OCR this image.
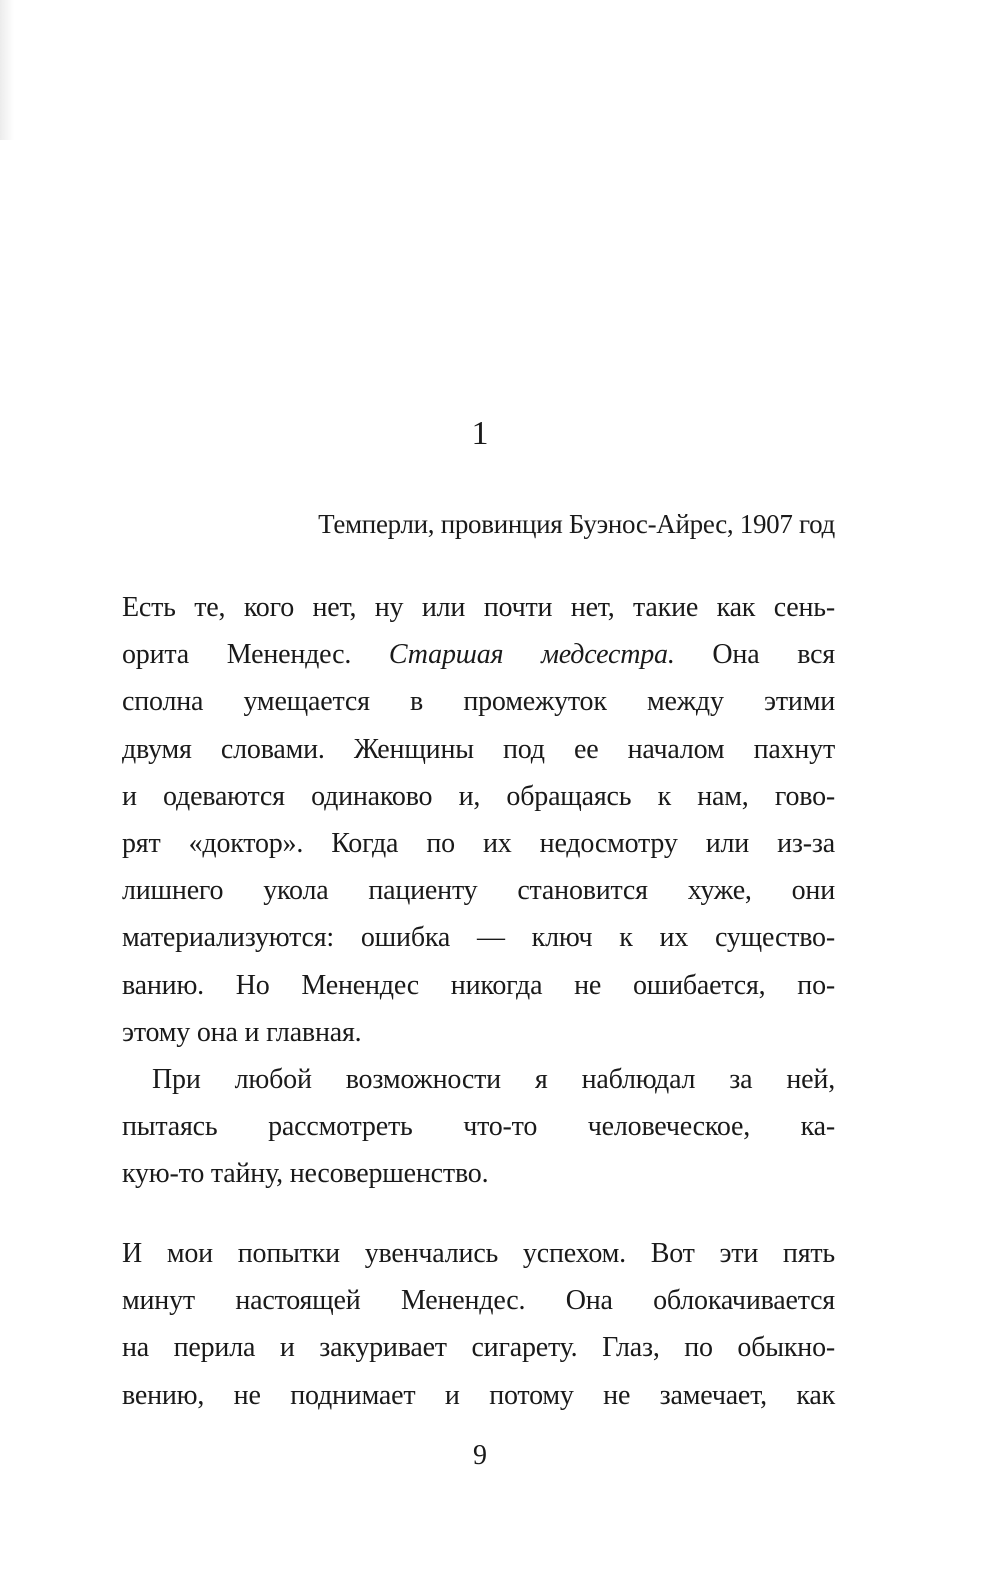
1
Темперли, провинция Буэнос-Айрес, 1907 год
Есть те, кого нет, ну или почти нет, такие как сень-
орита Менендес. Старшая медсестра. Она вся
сполна умещается в промежуток между этими
двумя словами. Женщины под ее началом пахнут
и одеваются одинаково и, обращаясь к нам, гово-
рят «доктор». Когда по их недосмотру или из-за
лишнего укола пациенту становится хуже, они
материализуются: ошибка — ключ к их существо-
ванию. Но Менендес никогда не ошибается, по-
этому она и главная.
При любой возможности я наблюдал за ней,
пытаясь рассмотреть что-то человеческое, ка-
кую-то тайну, несовершенство.
И мои попытки увенчались успехом. Вот эти пять
минут настоящей Менендес. Она облокачивается
на перила и закуривает сигарету. Глаз, по обыкно-
вению, не поднимает и потому не замечает, как
9
